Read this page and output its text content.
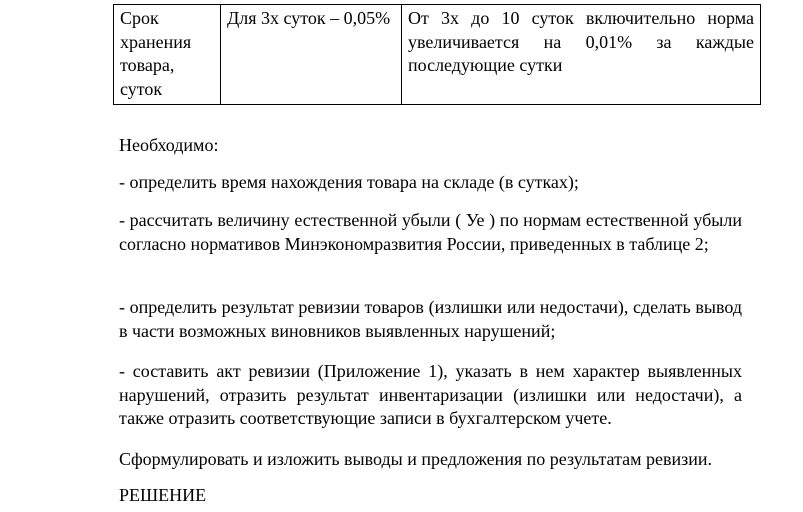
Срок хранения товара, суток	Для 3х суток – 0,05%	От 3х до 10 суток включительно норма увеличивается на 0,01% за каждые последующие сутки

Необходимо:

- определить время нахождения товара на складе (в сутках);

- рассчитать величину естественной убыли ( Уе ) по нормам естественной убыли согласно нормативов Минэкономразвития России, приведенных в таблице 2;

- определить результат ревизии товаров (излишки или недостачи), сделать вывод в части возможных виновников выявленных нарушений;

- составить акт ревизии (Приложение 1), указать в нем характер выявленных нарушений, отразить результат инвентаризации (излишки или недостачи), а также отразить соответствующие записи в бухгалтерском учете.

Сформулировать и изложить выводы и предложения по результатам ревизии.

РЕШЕНИЕ
